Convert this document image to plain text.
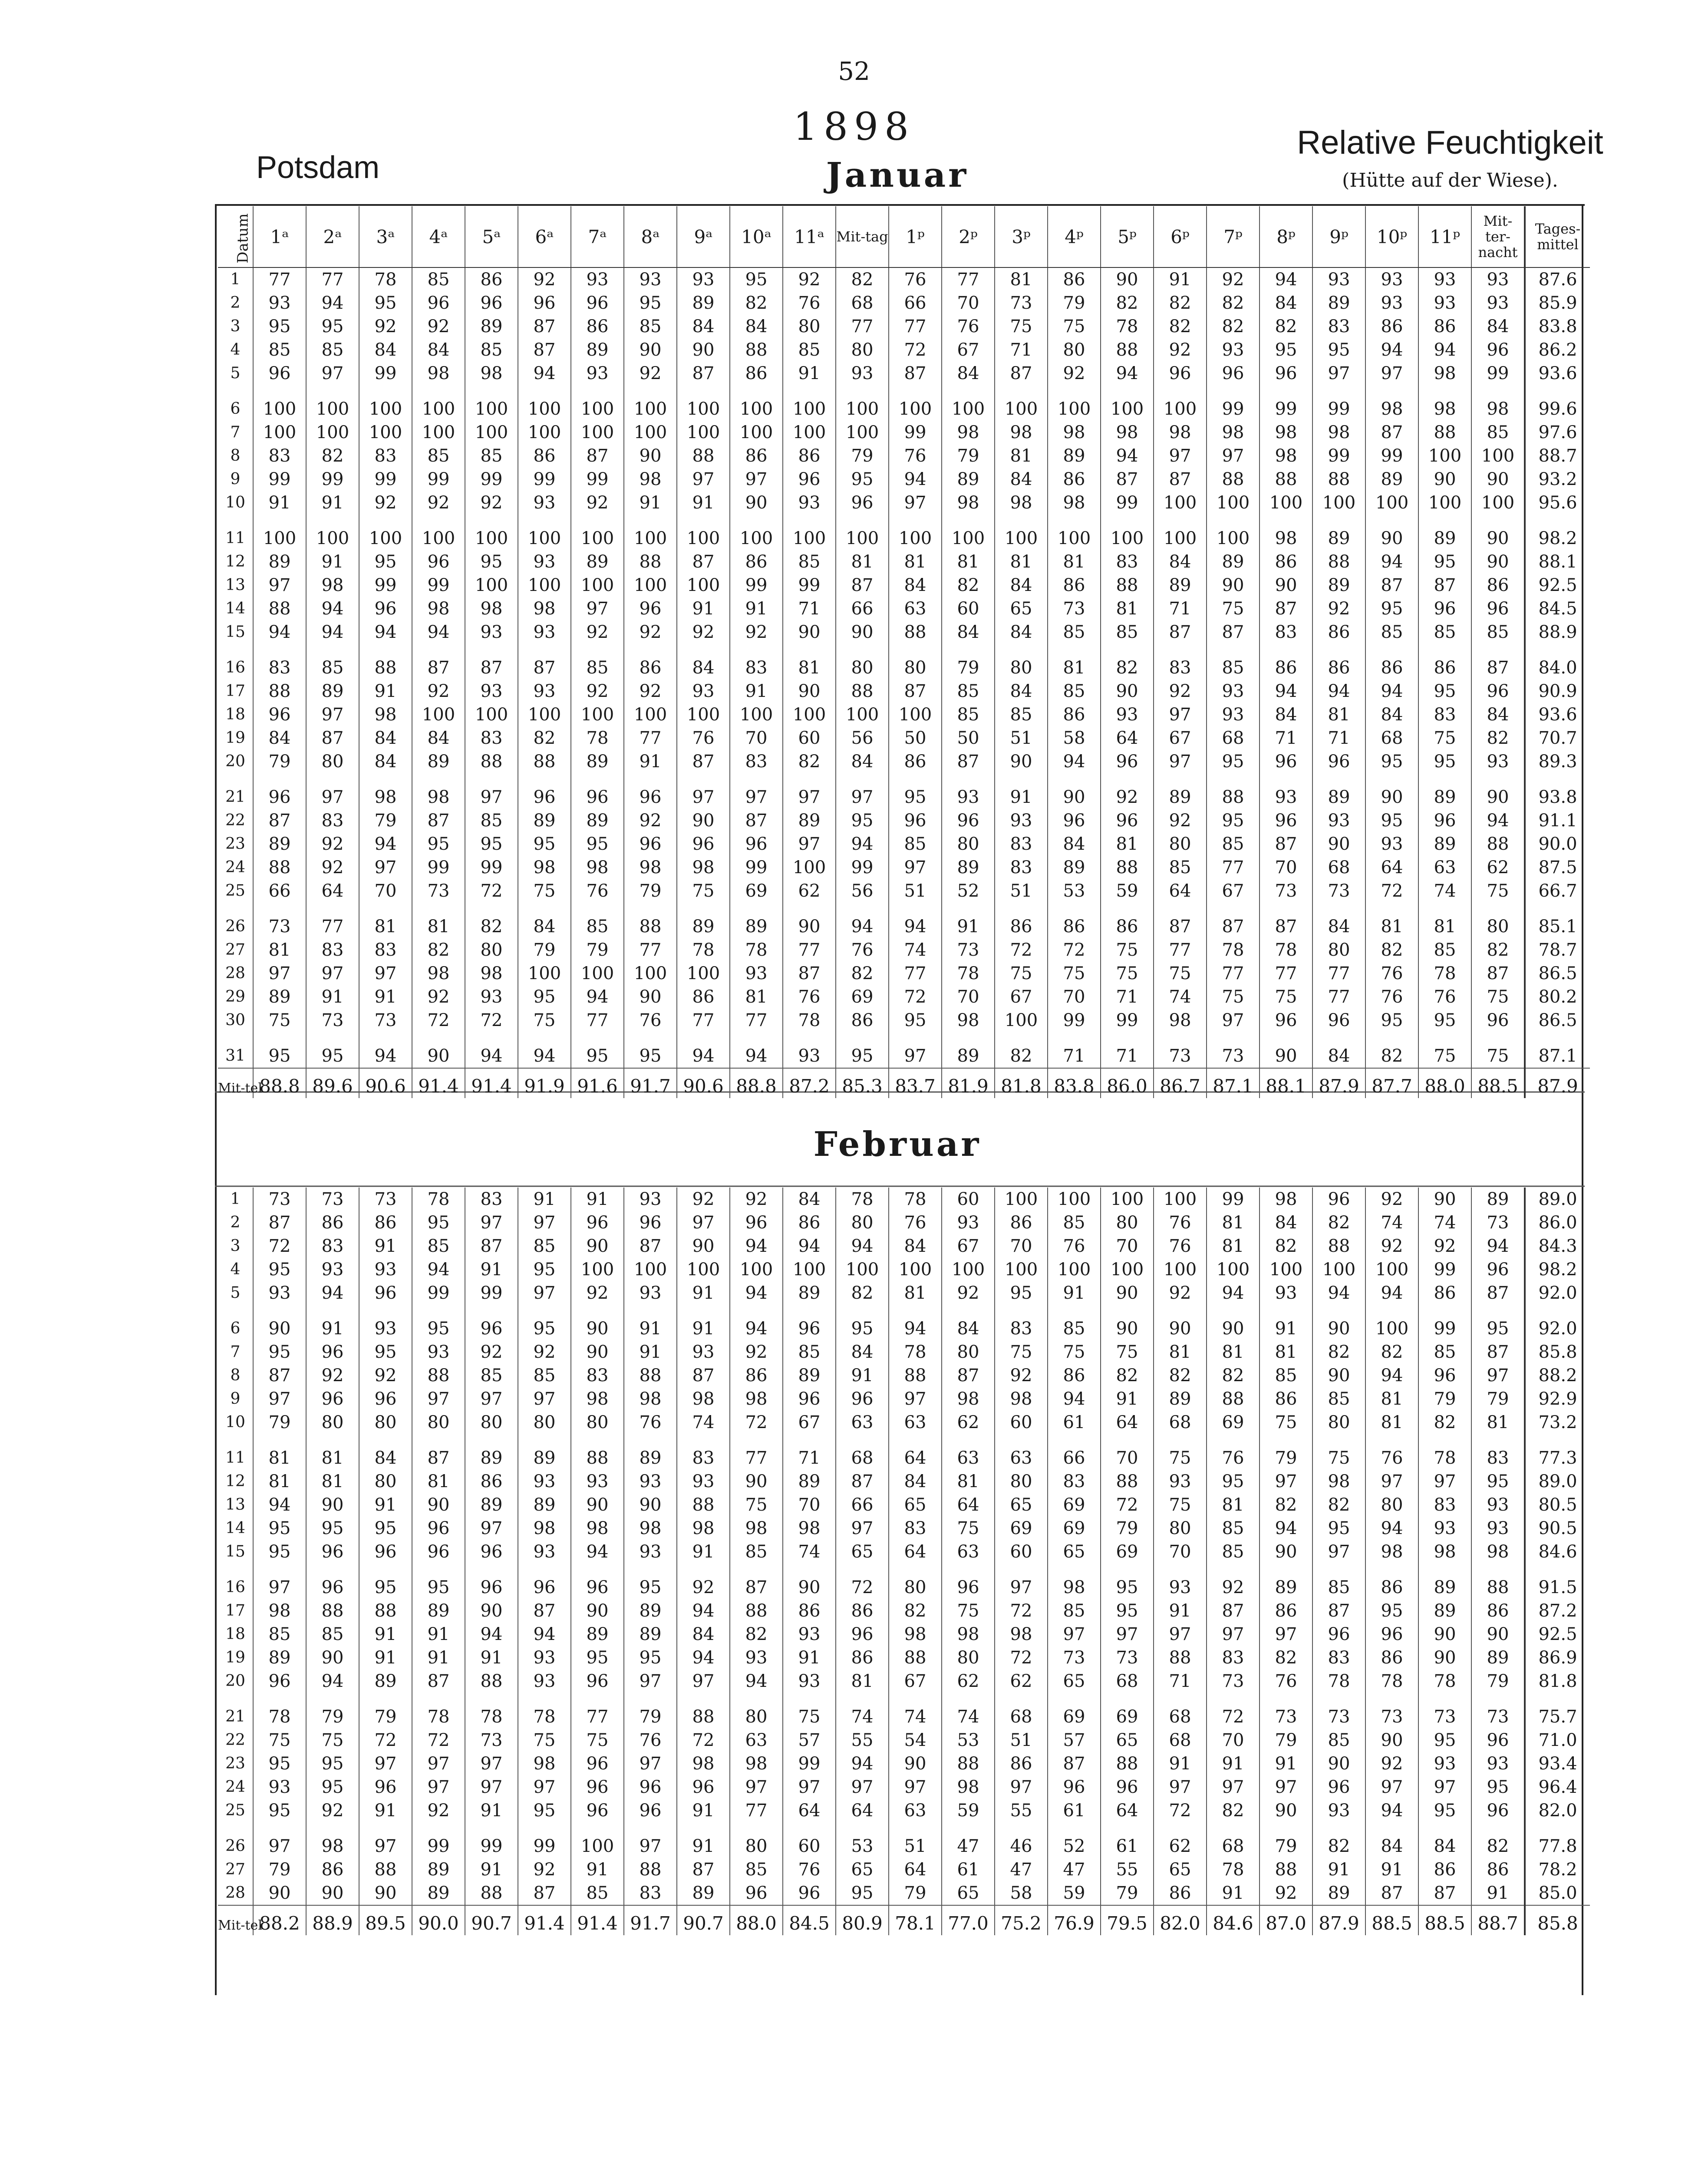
52
1898
Potsdam
Relative Feuchtigkeit
(Hütte auf der Wiese).
Januar
Februar
Datum	1ᵃ	2ᵃ	3ᵃ	4ᵃ	5ᵃ	6ᵃ	7ᵃ	8ᵃ	9ᵃ	10ᵃ	11ᵃ	Mit-tag	1ᵖ	2ᵖ	3ᵖ	4ᵖ	5ᵖ	6ᵖ	7ᵖ	8ᵖ	9ᵖ	10ᵖ	11ᵖ	Mit-ter-nacht	Tages-mittel
1	77	77	78	85	86	92	93	93	93	95	92	82	76	77	81	86	90	91	92	94	93	93	93	93	87.6
2	93	94	95	96	96	96	96	95	89	82	76	68	66	70	73	79	82	82	82	84	89	93	93	93	85.9
3	95	95	92	92	89	87	86	85	84	84	80	77	77	76	75	75	78	82	82	82	83	86	86	84	83.8
4	85	85	84	84	85	87	89	90	90	88	85	80	72	67	71	80	88	92	93	95	95	94	94	96	86.2
5	96	97	99	98	98	94	93	92	87	86	91	93	87	84	87	92	94	96	96	96	97	97	98	99	93.6
6	100	100	100	100	100	100	100	100	100	100	100	100	100	100	100	100	100	100	99	99	99	98	98	98	99.6
7	100	100	100	100	100	100	100	100	100	100	100	100	99	98	98	98	98	98	98	98	98	87	88	85	97.6
8	83	82	83	85	85	86	87	90	88	86	86	79	76	79	81	89	94	97	97	98	99	99	100	100	88.7
9	99	99	99	99	99	99	99	98	97	97	96	95	94	89	84	86	87	87	88	88	88	89	90	90	93.2
10	91	91	92	92	92	93	92	91	91	90	93	96	97	98	98	98	99	100	100	100	100	100	100	100	95.6
11	100	100	100	100	100	100	100	100	100	100	100	100	100	100	100	100	100	100	100	98	89	90	89	90	98.2
12	89	91	95	96	95	93	89	88	87	86	85	81	81	81	81	81	83	84	89	86	88	94	95	90	88.1
13	97	98	99	99	100	100	100	100	100	99	99	87	84	82	84	86	88	89	90	90	89	87	87	86	92.5
14	88	94	96	98	98	98	97	96	91	91	71	66	63	60	65	73	81	71	75	87	92	95	96	96	84.5
15	94	94	94	94	93	93	92	92	92	92	90	90	88	84	84	85	85	87	87	83	86	85	85	85	88.9
16	83	85	88	87	87	87	85	86	84	83	81	80	80	79	80	81	82	83	85	86	86	86	86	87	84.0
17	88	89	91	92	93	93	92	92	93	91	90	88	87	85	84	85	90	92	93	94	94	94	95	96	90.9
18	96	97	98	100	100	100	100	100	100	100	100	100	100	85	85	86	93	97	93	84	81	84	83	84	93.6
19	84	87	84	84	83	82	78	77	76	70	60	56	50	50	51	58	64	67	68	71	71	68	75	82	70.7
20	79	80	84	89	88	88	89	91	87	83	82	84	86	87	90	94	96	97	95	96	96	95	95	93	89.3
21	96	97	98	98	97	96	96	96	97	97	97	97	95	93	91	90	92	89	88	93	89	90	89	90	93.8
22	87	83	79	87	85	89	89	92	90	87	89	95	96	96	93	96	96	92	95	96	93	95	96	94	91.1
23	89	92	94	95	95	95	95	96	96	96	97	94	85	80	83	84	81	80	85	87	90	93	89	88	90.0
24	88	92	97	99	99	98	98	98	98	99	100	99	97	89	83	89	88	85	77	70	68	64	63	62	87.5
25	66	64	70	73	72	75	76	79	75	69	62	56	51	52	51	53	59	64	67	73	73	72	74	75	66.7
26	73	77	81	81	82	84	85	88	89	89	90	94	94	91	86	86	86	87	87	87	84	81	81	80	85.1
27	81	83	83	82	80	79	79	77	78	78	77	76	74	73	72	72	75	77	78	78	80	82	85	82	78.7
28	97	97	97	98	98	100	100	100	100	93	87	82	77	78	75	75	75	75	77	77	77	76	78	87	86.5
29	89	91	91	92	93	95	94	90	86	81	76	69	72	70	67	70	71	74	75	75	77	76	76	75	80.2
30	75	73	73	72	72	75	77	76	77	77	78	86	95	98	100	99	99	98	97	96	96	95	95	96	86.5
31	95	95	94	90	94	94	95	95	94	94	93	95	97	89	82	71	71	73	73	90	84	82	75	75	87.1
Mit-tel	88.8	89.6	90.6	91.4	91.4	91.9	91.6	91.7	90.6	88.8	87.2	85.3	83.7	81.9	81.8	83.8	86.0	86.7	87.1	88.1	87.9	87.7	88.0	88.5	87.9
1	73	73	73	78	83	91	91	93	92	92	84	78	78	60	100	100	100	100	99	98	96	92	90	89	89.0
2	87	86	86	95	97	97	96	96	97	96	86	80	76	93	86	85	80	76	81	84	82	74	74	73	86.0
3	72	83	91	85	87	85	90	87	90	94	94	94	84	67	70	76	70	76	81	82	88	92	92	94	84.3
4	95	93	93	94	91	95	100	100	100	100	100	100	100	100	100	100	100	100	100	100	100	100	99	96	98.2
5	93	94	96	99	99	97	92	93	91	94	89	82	81	92	95	91	90	92	94	93	94	94	86	87	92.0
6	90	91	93	95	96	95	90	91	91	94	96	95	94	84	83	85	90	90	90	91	90	100	99	95	92.0
7	95	96	95	93	92	92	90	91	93	92	85	84	78	80	75	75	75	81	81	81	82	82	85	87	85.8
8	87	92	92	88	85	85	83	88	87	86	89	91	88	87	92	86	82	82	82	85	90	94	96	97	88.2
9	97	96	96	97	97	97	98	98	98	98	96	96	97	98	98	94	91	89	88	86	85	81	79	79	92.9
10	79	80	80	80	80	80	80	76	74	72	67	63	63	62	60	61	64	68	69	75	80	81	82	81	73.2
11	81	81	84	87	89	89	88	89	83	77	71	68	64	63	63	66	70	75	76	79	75	76	78	83	77.3
12	81	81	80	81	86	93	93	93	93	90	89	87	84	81	80	83	88	93	95	97	98	97	97	95	89.0
13	94	90	91	90	89	89	90	90	88	75	70	66	65	64	65	69	72	75	81	82	82	80	83	93	80.5
14	95	95	95	96	97	98	98	98	98	98	98	97	83	75	69	69	79	80	85	94	95	94	93	93	90.5
15	95	96	96	96	96	93	94	93	91	85	74	65	64	63	60	65	69	70	85	90	97	98	98	98	84.6
16	97	96	95	95	96	96	96	95	92	87	90	72	80	96	97	98	95	93	92	89	85	86	89	88	91.5
17	98	88	88	89	90	87	90	89	94	88	86	86	82	75	72	85	95	91	87	86	87	95	89	86	87.2
18	85	85	91	91	94	94	89	89	84	82	93	96	98	98	98	97	97	97	97	97	96	96	90	90	92.5
19	89	90	91	91	91	93	95	95	94	93	91	86	88	80	72	73	73	88	83	82	83	86	90	89	86.9
20	96	94	89	87	88	93	96	97	97	94	93	81	67	62	62	65	68	71	73	76	78	78	78	79	81.8
21	78	79	79	78	78	78	77	79	88	80	75	74	74	74	68	69	69	68	72	73	73	73	73	73	75.7
22	75	75	72	72	73	75	75	76	72	63	57	55	54	53	51	57	65	68	70	79	85	90	95	96	71.0
23	95	95	97	97	97	98	96	97	98	98	99	94	90	88	86	87	88	91	91	91	90	92	93	93	93.4
24	93	95	96	97	97	97	96	96	96	97	97	97	97	98	97	96	96	97	97	97	96	97	97	95	96.4
25	95	92	91	92	91	95	96	96	91	77	64	64	63	59	55	61	64	72	82	90	93	94	95	96	82.0
26	97	98	97	99	99	99	100	97	91	80	60	53	51	47	46	52	61	62	68	79	82	84	84	82	77.8
27	79	86	88	89	91	92	91	88	87	85	76	65	64	61	47	47	55	65	78	88	91	91	86	86	78.2
28	90	90	90	89	88	87	85	83	89	96	96	95	79	65	58	59	79	86	91	92	89	87	87	91	85.0
Mit-tel	88.2	88.9	89.5	90.0	90.7	91.4	91.4	91.7	90.7	88.0	84.5	80.9	78.1	77.0	75.2	76.9	79.5	82.0	84.6	87.0	87.9	88.5	88.5	88.7	85.8
